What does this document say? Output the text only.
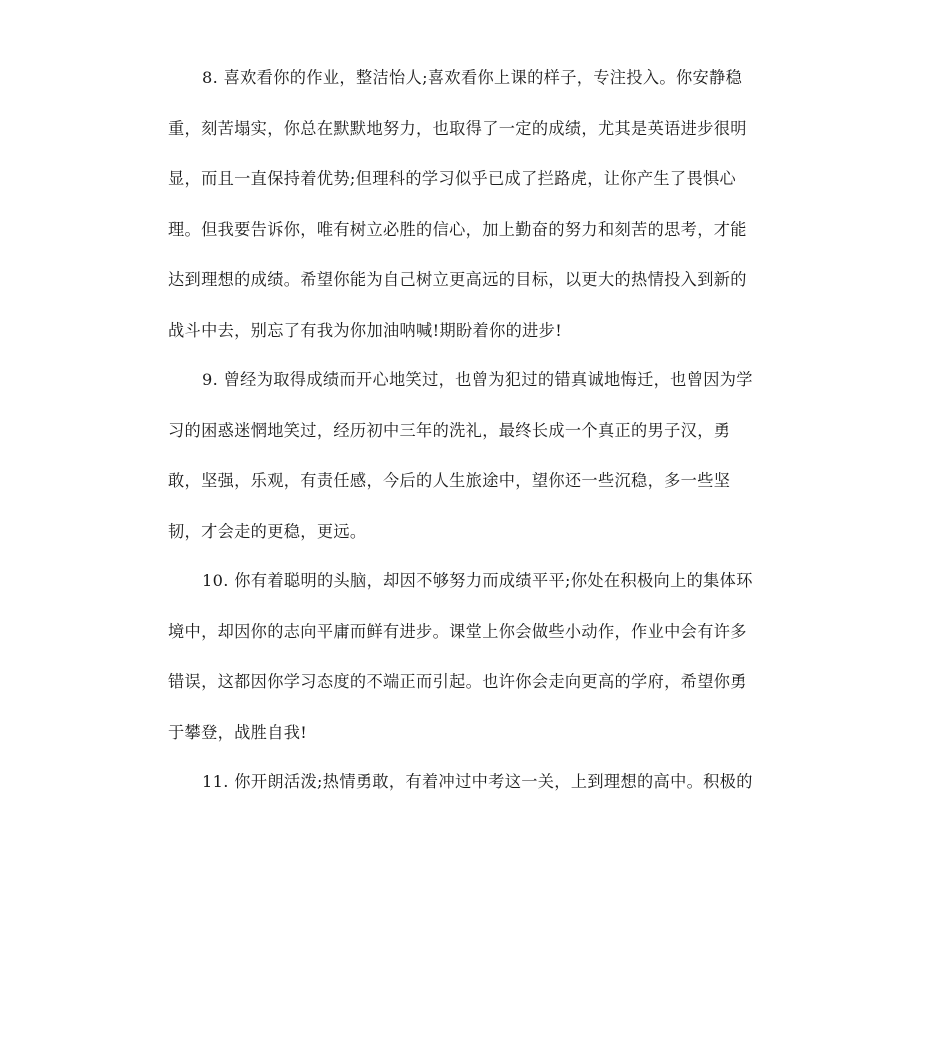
8. 喜欢看你的作业，整洁怡人;喜欢看你上课的样子，专注投入。你安静稳
重，刻苦塌实，你总在默默地努力，也取得了一定的成绩，尤其是英语进步很明
显，而且一直保持着优势;但理科的学习似乎已成了拦路虎，让你产生了畏惧心
理。但我要告诉你，唯有树立必胜的信心，加上勤奋的努力和刻苦的思考，才能
达到理想的成绩。希望你能为自己树立更高远的目标，以更大的热情投入到新的
战斗中去，别忘了有我为你加油呐喊!期盼着你的进步!
9. 曾经为取得成绩而开心地笑过，也曾为犯过的错真诚地悔迁，也曾因为学
习的困惑迷惘地笑过，经历初中三年的洗礼，最终长成一个真正的男子汉，勇
敢，坚强，乐观，有责任感，今后的人生旅途中，望你还一些沉稳，多一些坚
韧，才会走的更稳，更远。
10. 你有着聪明的头脑，却因不够努力而成绩平平;你处在积极向上的集体环
境中，却因你的志向平庸而鲜有进步。课堂上你会做些小动作，作业中会有许多
错误，这都因你学习态度的不端正而引起。也许你会走向更高的学府，希望你勇
于攀登，战胜自我!
11. 你开朗活泼;热情勇敢，有着冲过中考这一关，上到理想的高中。积极的
